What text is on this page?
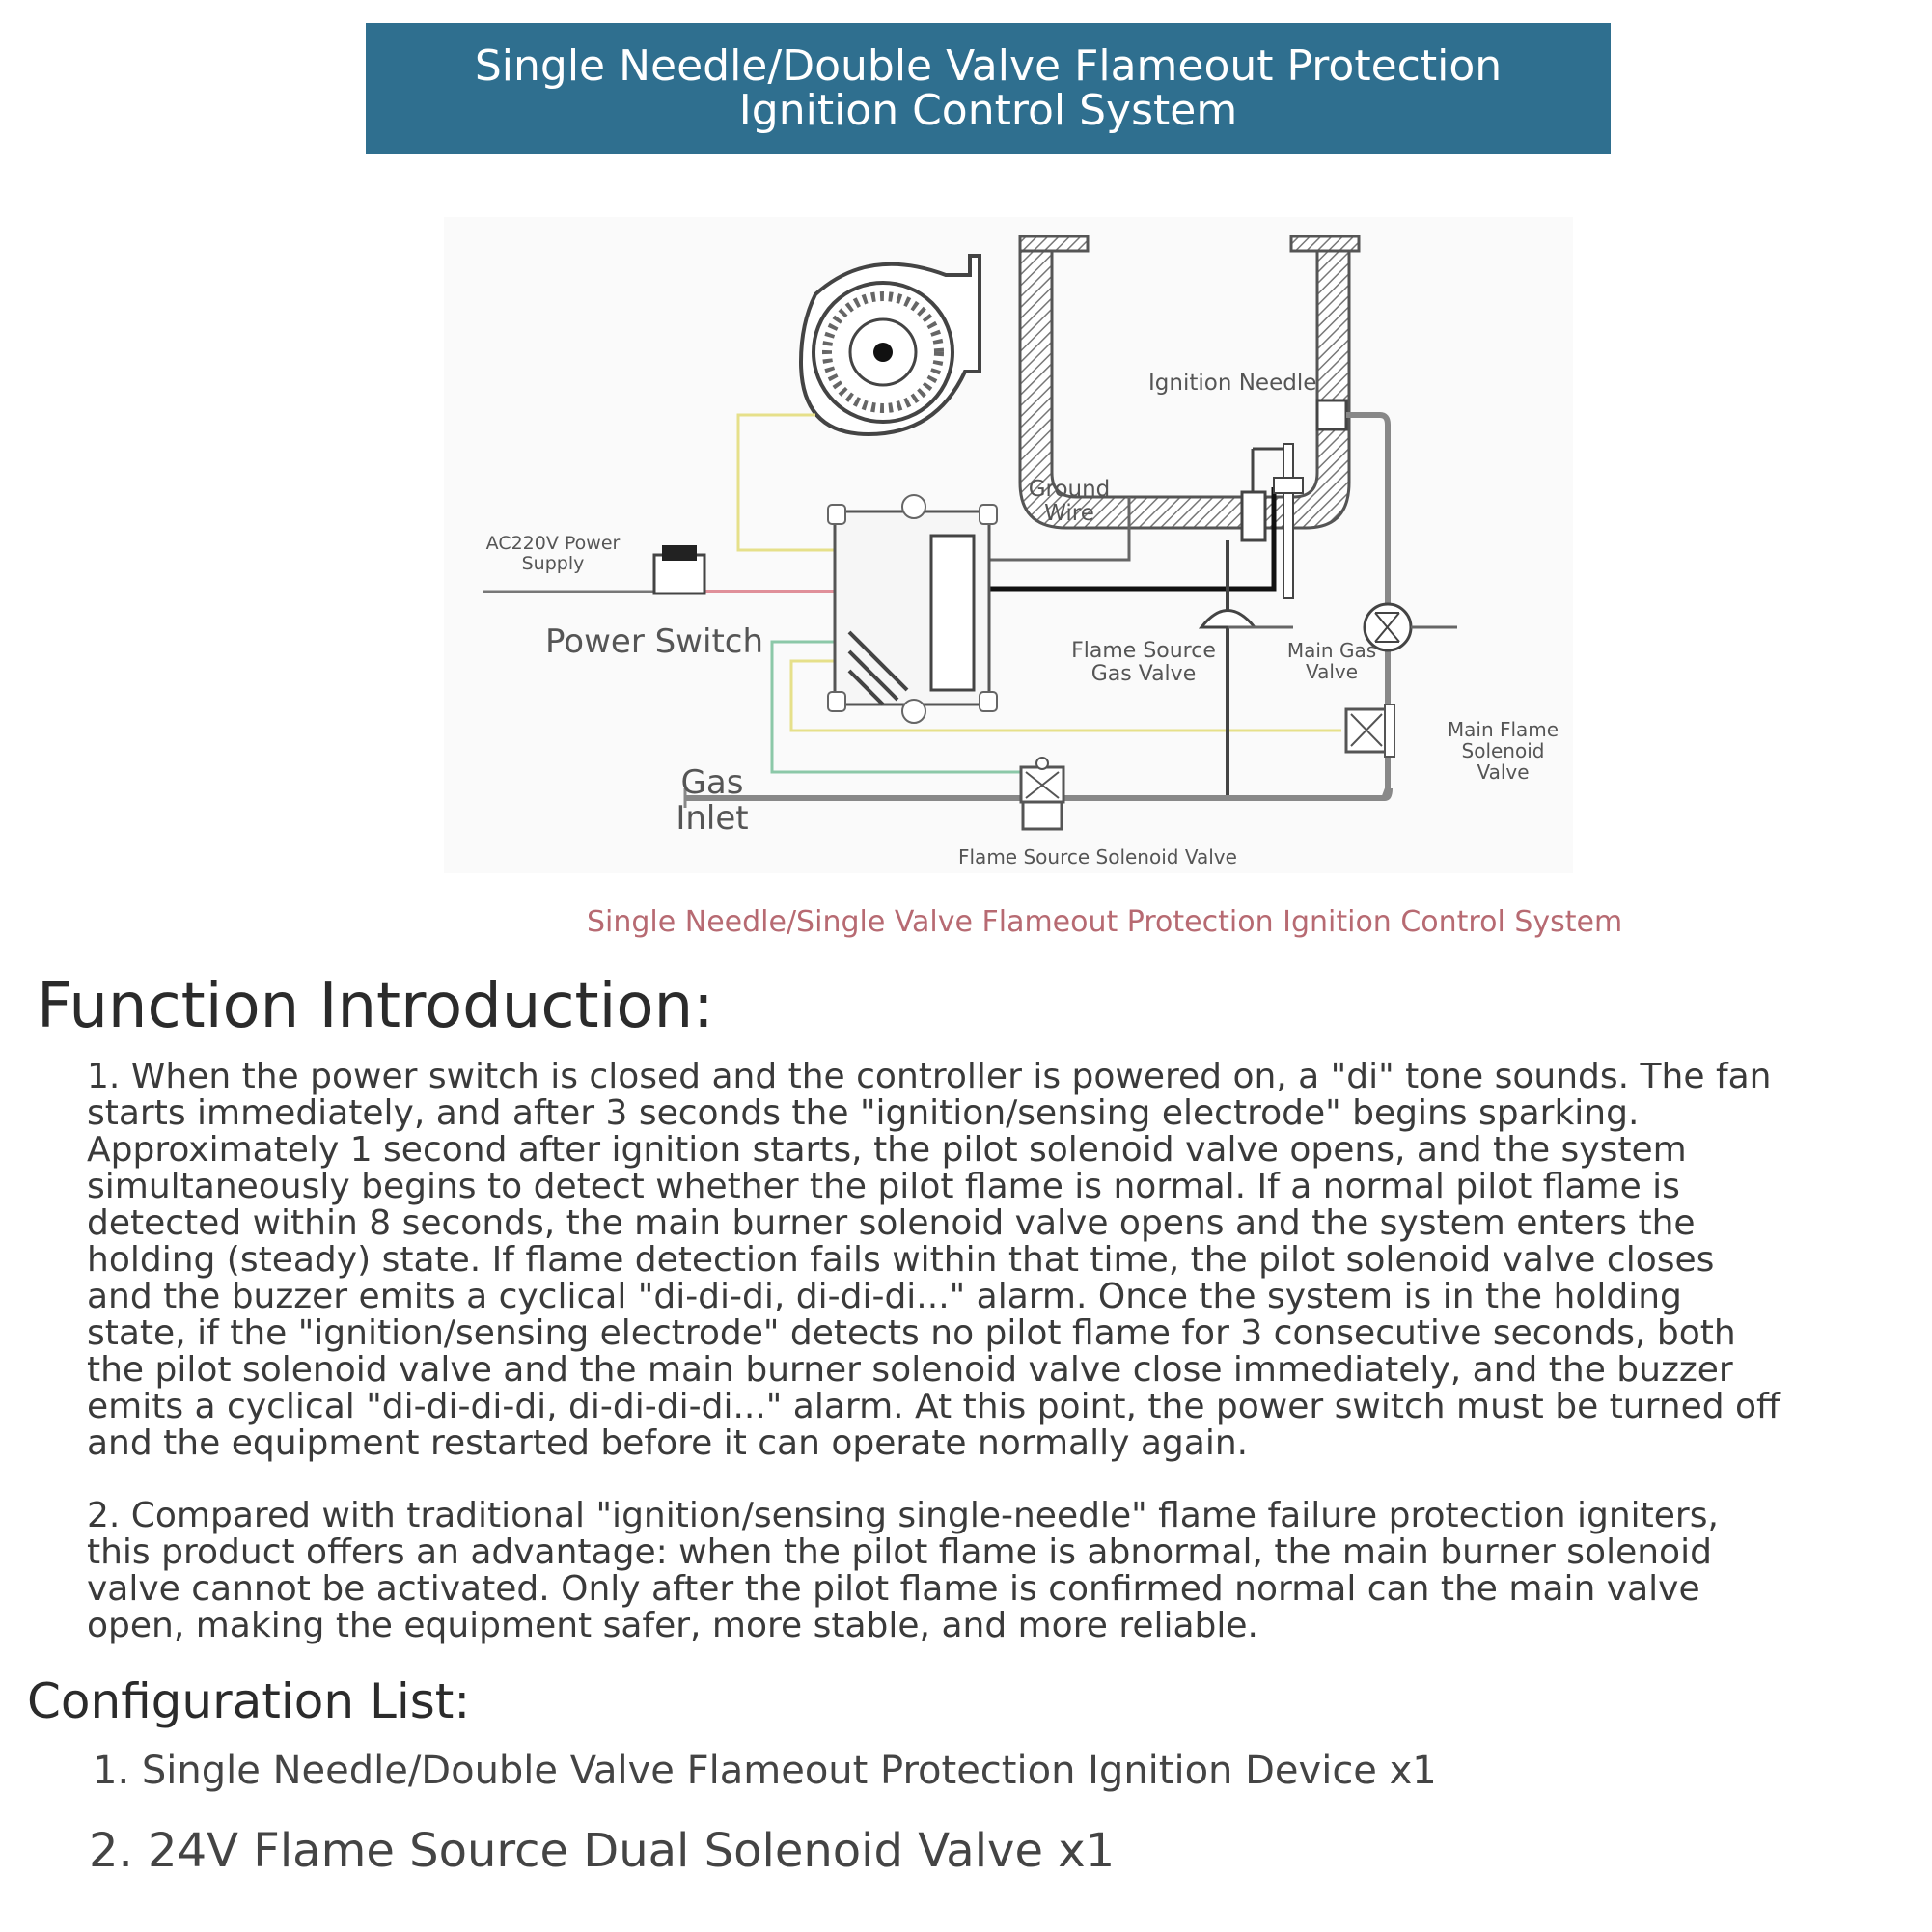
Single Needle/Double Valve Flameout Protection Ignition Control System
Ignition Needle
Ground Wire
AC220V Power Supply
Power Switch	Flame Source Gas Valve
Main Gas Valve
Main Flame Solenoid Valve
Gas Inlet
Flame Source Solenoid Valve
Single Needle/Single Valve Flameout Protection Ignition Control System
Function Introduction:

1. When the power switch is closed and the controller is powered on, a "di" tone sounds. The fan starts immediately, and after 3 seconds the "ignition/sensing electrode" begins sparking. Approximately 1 second after ignition starts, the pilot solenoid valve opens, and the system simultaneously begins to detect whether the pilot flame is normal. If a normal pilot flame is detected within 8 seconds, the main burner solenoid valve opens and the system enters the holding (steady) state. If flame detection fails within that time, the pilot solenoid valve closes and the buzzer emits a cyclical "di-di-di, di-di-di..." alarm. Once the system is in the holding state, if the "ignition/sensing electrode" detects no pilot flame for 3 consecutive seconds, both the pilot solenoid valve and the main burner solenoid valve close immediately, and the buzzer emits a cyclical "di-di-di-di, di-di-di-di..." alarm. At this point, the power switch must be turned off and the equipment restarted before it can operate normally again.

2. Compared with traditional "ignition/sensing single-needle" flame failure protection igniters, this product offers an advantage: when the pilot flame is abnormal, the main burner solenoid valve cannot be activated. Only after the pilot flame is confirmed normal can the main valve open, making the equipment safer, more stable, and more reliable.

Configuration List:
1. Single Needle/Double Valve Flameout Protection Ignition Device x1
2. 24V Flame Source Dual Solenoid Valve x1
